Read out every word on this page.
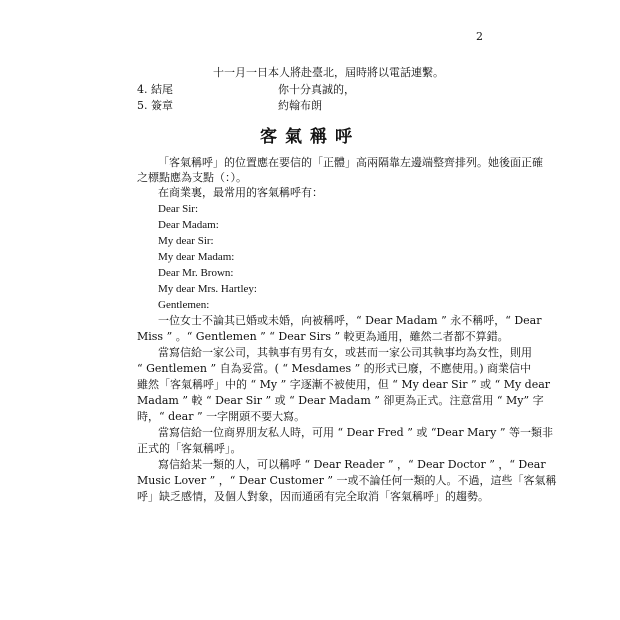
2
十一月一日本人將赴臺北，屆時將以電話連繫。
4. 結尾	你十分真誠的，
5. 簽章	約翰布朗
客氣稱呼
「客氣稱呼」的位置應在要信的「正體」高兩隔靠左邊端整齊排列。她後面正確
之標點應為支點（：）。
在商業裏，最常用的客氣稱呼有：
Dear Sir:
Dear Madam:
My dear Sir:
My dear Madam:
Dear Mr. Brown:
My dear Mrs. Hartley:
Gentlemen:
一位女士不論其已婚或未婚，向被稱呼，“ Dear Madam ” 永不稱呼，“ Dear
Miss ” 。“ Gentlemen ” “ Dear Sirs ” 較更為通用，雖然二者都不算錯。
當寫信給一家公司，其執事有男有女，或甚而一家公司其執事均為女性，則用
“ Gentlemen ” 自為妥當。( “ Mesdames ” 的形式已廢，不應使用。) 商業信中
雖然「客氣稱呼」中的 “ My ” 字逐漸不被使用，但 “ My dear Sir ” 或 “ My dear
Madam ” 較 “ Dear Sir ” 或 “ Dear Madam ” 卻更為正式。注意當用 “ My” 字
時，“ dear ” 一字開頭不要大寫。
當寫信給一位商界朋友私人時，可用 “ Dear Fred ” 或 “Dear Mary ” 等一類非
正式的「客氣稱呼」。
寫信給某一類的人，可以稱呼 “ Dear Reader ” ，“ Dear Doctor ” ，“ Dear
Music Lover ” ，“ Dear Customer ” 一或不論任何一類的人。不過，這些「客氣稱
呼」缺乏感情，及個人對象，因而通函有完全取消「客氣稱呼」的趨勢。
